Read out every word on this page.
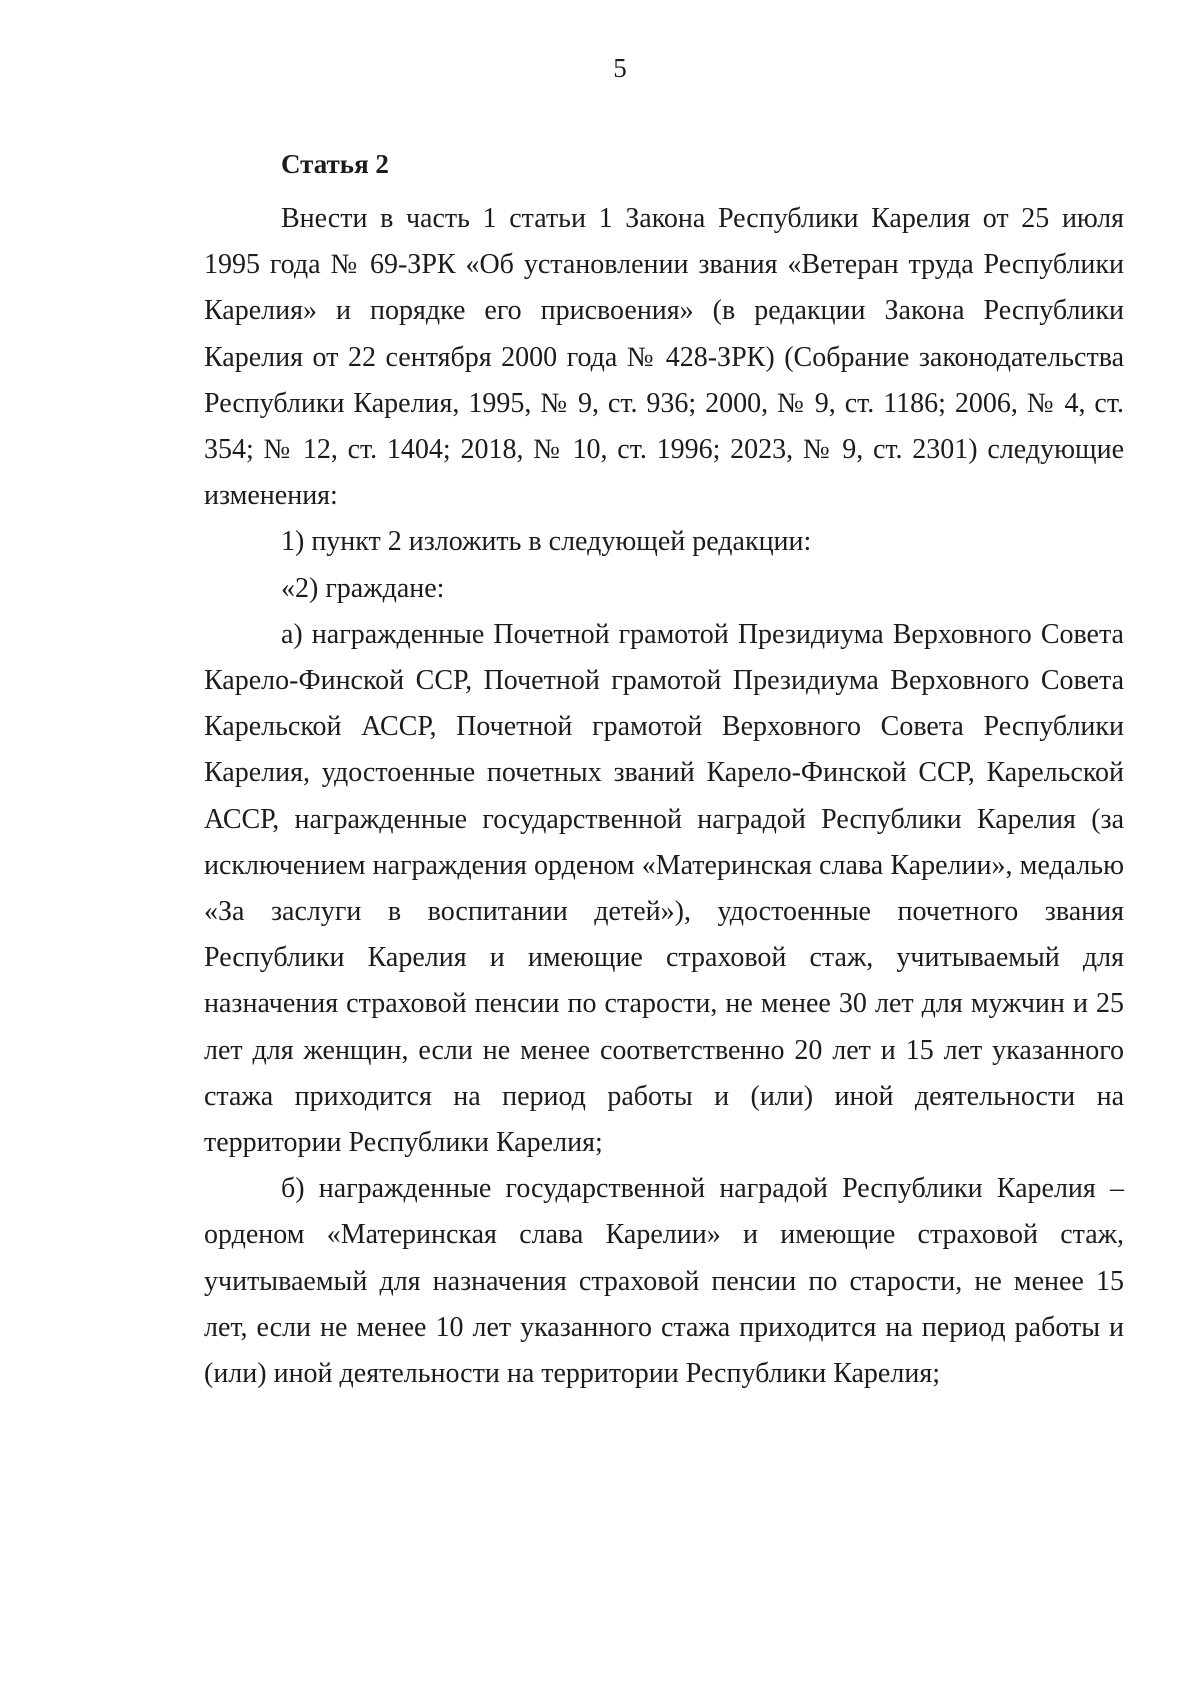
5
Статья 2

Внести в часть 1 статьи 1 Закона Республики Карелия от 25 июля 1995 года № 69-ЗРК «Об установлении звания «Ветеран труда Республики Карелия» и порядке его присвоения» (в редакции Закона Республики Карелия от 22 сентября 2000 года № 428-ЗРК) (Собрание законодательства Республики Карелия, 1995, № 9, ст. 936; 2000, № 9, ст. 1186; 2006, № 4, ст. 354; № 12, ст. 1404; 2018, № 10, ст. 1996; 2023, № 9, ст. 2301) следующие изменения:

1) пункт 2 изложить в следующей редакции:

«2) граждане:

а) награжденные Почетной грамотой Президиума Верховного Совета Карело-Финской ССР, Почетной грамотой Президиума Верховного Совета Карельской АССР, Почетной грамотой Верховного Совета Республики Карелия, удостоенные почетных званий Карело-Финской ССР, Карельской АССР, награжденные государственной наградой Республики Карелия (за исключением награждения орденом «Материнская слава Карелии», медалью «За заслуги в воспитании детей»), удостоенные почетного звания Республики Карелия и имеющие страховой стаж, учитываемый для назначения страховой пенсии по старости, не менее 30 лет для мужчин и 25 лет для женщин, если не менее соответственно 20 лет и 15 лет указанного стажа приходится на период работы и (или) иной деятельности на территории Республики Карелия;

б) награжденные государственной наградой Республики Карелия – орденом «Материнская слава Карелии» и имеющие страховой стаж, учитываемый для назначения страховой пенсии по старости, не менее 15 лет, если не менее 10 лет указанного стажа приходится на период работы и (или) иной деятельности на территории Республики Карелия;
